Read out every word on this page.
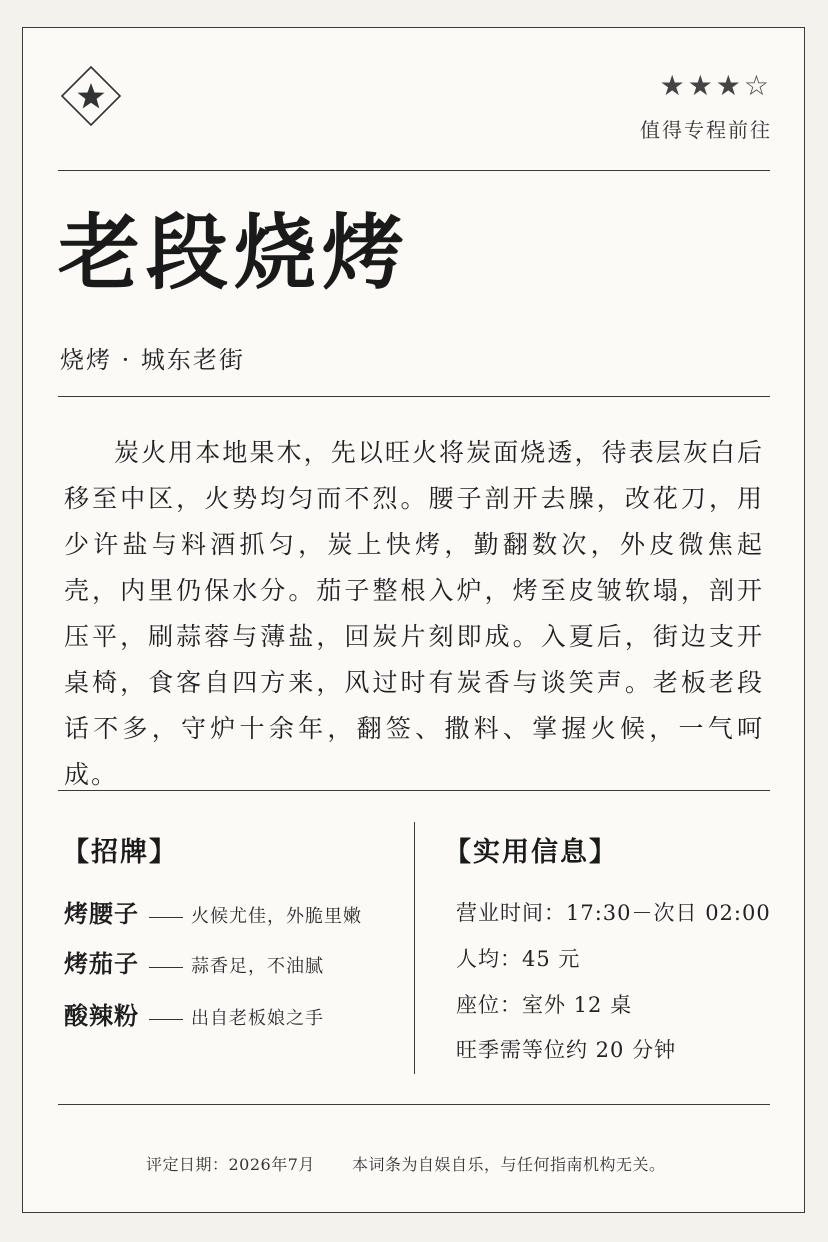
★★★☆
值得专程前往
老段烧烤
烧烤 · 城东老街
炭火用本地果木，先以旺火将炭面烧透，待表层灰白后移至中区，火势均匀而不烈。腰子剖开去臊，改花刀，用少许盐与料酒抓匀，炭上快烤，勤翻数次，外皮微焦起壳，内里仍保水分。茄子整根入炉，烤至皮皱软塌，剖开压平，刷蒜蓉与薄盐，回炭片刻即成。入夏后，街边支开桌椅，食客自四方来，风过时有炭香与谈笑声。老板老段话不多，守炉十余年，翻签、撒料、掌握火候，一气呵成。
【招牌】
烤腰子	火候尤佳，外脆里嫩
烤茄子	蒜香足，不油腻
酸辣粉	出自老板娘之手
【实用信息】
营业时间：17:30－次日 02:00
人均：45 元
座位：室外 12 桌
旺季需等位约 20 分钟
评定日期：2026年7月 本词条为自娱自乐，与任何指南机构无关。
